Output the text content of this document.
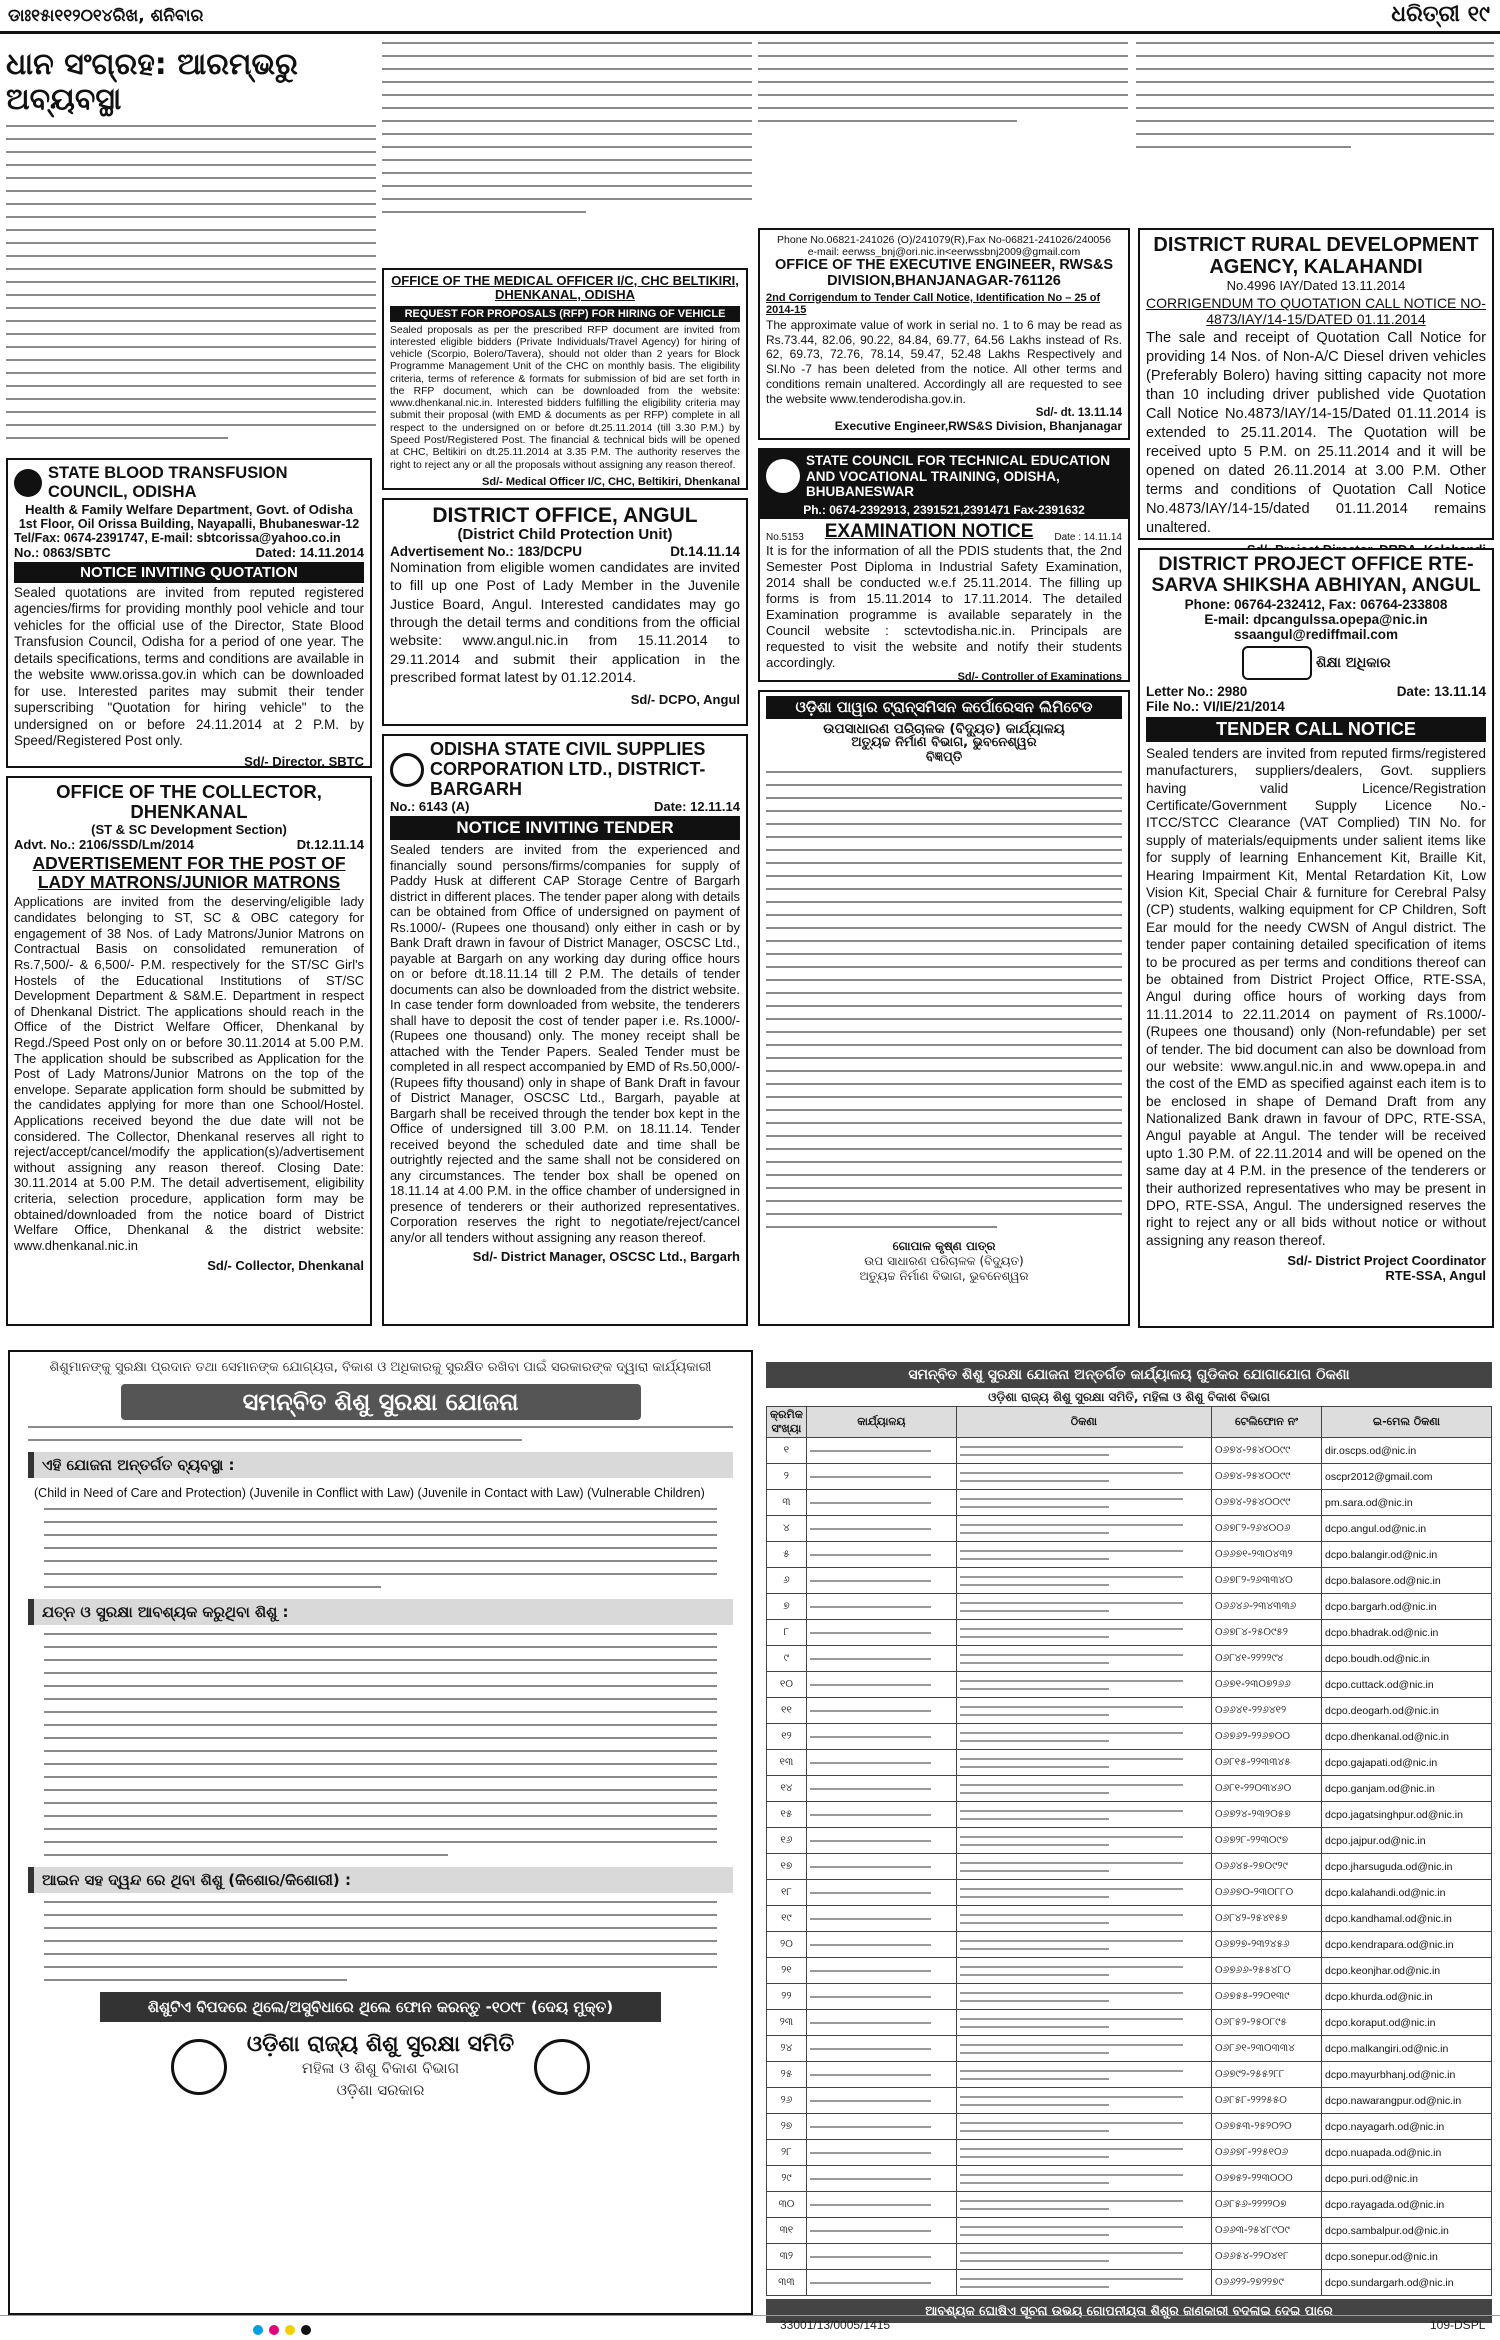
ଡାଃ୧୫ା୧୧୨୦୧୪ରିଖ, ଶନିବାର	ଧରିତ୍ରୀ ୧୯
ଧାନ ସଂଗ୍ରହ: ଆରମ୍ଭରୁ ଅବ୍ୟବସ୍ଥା
OFFICE OF THE MEDICAL OFFICER I/C, CHC BELTIKIRI, DHENKANAL, ODISHA
REQUEST FOR PROPOSALS (RFP) FOR HIRING OF VEHICLE
Sealed proposals as per the prescribed RFP document are invited from interested eligible bidders (Private Individuals/Travel Agency) for hiring of vehicle (Scorpio, Bolero/Tavera), should not older than 2 years for Block Programme Management Unit of the CHC on monthly basis. The eligibility criteria, terms of reference & formats for submission of bid are set forth in the RFP document, which can be downloaded from the website: www.dhenkanal.nic.in. Interested bidders fulfilling the eligibility criteria may submit their proposal (with EMD & documents as per RFP) complete in all respect to the undersigned on or before dt.25.11.2014 (till 3.30 P.M.) by Speed Post/Registered Post. The financial & technical bids will be opened at CHC, Beltikiri on dt.25.11.2014 at 3.35 P.M. The authority reserves the right to reject any or all the proposals without assigning any reason thereof.
Sd/- Medical Officer I/C, CHC, Beltikiri, Dhenkanal
Phone No.06821-241026 (O)/241079(R),Fax No-06821-241026/240056
e-mail: eerwss_bnj@ori.nic.in<eerwssbnj2009@gmail.com
OFFICE OF THE EXECUTIVE ENGINEER, RWS&S DIVISION,BHANJANAGAR-761126
2nd Corrigendum to Tender Call Notice, Identification No – 25 of 2014-15
The approximate value of work in serial no. 1 to 6 may be read as Rs.73.44, 82.06, 90.22, 84.84, 69.77, 64.56 Lakhs instead of Rs. 62, 69.73, 72.76, 78.14, 59.47, 52.48 Lakhs Respectively and Sl.No -7 has been deleted from the notice. All other terms and conditions remain unaltered. Accordingly all are requested to see the website www.tenderodisha.gov.in.
Sd/- dt. 13.11.14
Executive Engineer,RWS&S Division, Bhanjanagar
DISTRICT RURAL DEVELOPMENT AGENCY, KALAHANDI
No.4996 IAY/Dated 13.11.2014
CORRIGENDUM TO QUOTATION CALL NOTICE NO-4873/IAY/14-15/DATED 01.11.2014
The sale and receipt of Quotation Call Notice for providing 14 Nos. of Non-A/C Diesel driven vehicles (Preferably Bolero) having sitting capacity not more than 10 including driver published vide Quotation Call Notice No.4873/IAY/14-15/Dated 01.11.2014 is extended to 25.11.2014. The Quotation will be received upto 5 P.M. on 25.11.2014 and it will be opened on dated 26.11.2014 at 3.00 P.M. Other terms and conditions of Quotation Call Notice No.4873/IAY/14-15/dated 01.11.2014 remains unaltered.
STATE BLOOD TRANSFUSION COUNCIL, ODISHA
Health & Family Welfare Department, Govt. of Odisha
1st Floor, Oil Orissa Building, Nayapalli, Bhubaneswar-12
Tel/Fax: 0674-2391747, E-mail: sbtcorissa@yahoo.co.in
No.: 0863/SBTC	Dated: 14.11.2014
NOTICE INVITING QUOTATION
Sealed quotations are invited from reputed registered agencies/firms for providing monthly pool vehicle and tour vehicles for the official use of the Director, State Blood Transfusion Council, Odisha for a period of one year. The details specifications, terms and conditions are available in the website www.orissa.gov.in which can be downloaded for use. Interested parites may submit their tender superscribing "Quotation for hiring vehicle" to the undersigned on or before 24.11.2014 at 2 P.M. by Speed/Registered Post only.
Sd/- Director, SBTC
DISTRICT OFFICE, ANGUL
(District Child Protection Unit)
Advertisement No.: 183/DCPU	Dt.14.11.14
Nomination from eligible women candidates are invited to fill up one Post of Lady Member in the Juvenile Justice Board, Angul. Interested candidates may go through the detail terms and conditions from the official website: www.angul.nic.in from 15.11.2014 to 29.11.2014 and submit their application in the prescribed format latest by 01.12.2014.
Sd/- DCPO, Angul
STATE COUNCIL FOR TECHNICAL EDUCATION AND VOCATIONAL TRAINING, ODISHA, BHUBANESWAR
Ph.: 0674-2392913, 2391521,2391471 Fax-2391632
No.5153 EXAMINATION NOTICE Date : 14.11.14
It is for the information of all the PDIS students that, the 2nd Semester Post Diploma in Industrial Safety Examination, 2014 shall be conducted w.e.f 25.11.2014. The filling up forms is from 15.11.2014 to 17.11.2014. The detailed Examination programme is available separately in the Council website : sctevtodisha.nic.in. Principals are requested to visit the website and notify their students accordingly.
Sd/- Controller of Examinations
DISTRICT PROJECT OFFICE RTE-SARVA SHIKSHA ABHIYAN, ANGUL
Phone: 06764-232412, Fax: 06764-233808
E-mail: dpcangulssa.opepa@nic.in
ssaangul@rediffmail.com
ଶିକ୍ଷା ଅଧିକାର
Letter No.: 2980	Date: 13.11.14
File No.: VI/IE/21/2014
TENDER CALL NOTICE
Sealed tenders are invited from reputed firms/registered manufacturers, suppliers/dealers, Govt. suppliers having valid Licence/Registration Certificate/Government Supply Licence No.- ITCC/STCC Clearance (VAT Complied) TIN No. for supply of materials/equipments under salient items like for supply of learning Enhancement Kit, Braille Kit, Hearing Impairment Kit, Mental Retardation Kit, Low Vision Kit, Special Chair & furniture for Cerebral Palsy (CP) students, walking equipment for CP Children, Soft Ear mould for the needy CWSN of Angul district. The tender paper containing detailed specification of items to be procured as per terms and conditions thereof can be obtained from District Project Office, RTE-SSA, Angul during office hours of working days from 11.11.2014 to 22.11.2014 on payment of Rs.1000/- (Rupees one thousand) only (Non-refundable) per set of tender. The bid document can also be download from our website: www.angul.nic.in and www.opepa.in and the cost of the EMD as specified against each item is to be enclosed in shape of Demand Draft from any Nationalized Bank drawn in favour of DPC, RTE-SSA, Angul payable at Angul. The tender will be received upto 1.30 P.M. of 22.11.2014 and will be opened on the same day at 4 P.M. in the presence of the tenderers or their authorized representatives who may be present in DPO, RTE-SSA, Angul. The undersigned reserves the right to reject any or all bids without notice or without assigning any reason thereof.
Sd/- District Project Coordinator
RTE-SSA, Angul
OFFICE OF THE COLLECTOR, DHENKANAL
(ST & SC Development Section)
Advt. No.: 2106/SSD/Lm/2014	Dt.12.11.14
ADVERTISEMENT FOR THE POST OF LADY MATRONS/JUNIOR MATRONS
Applications are invited from the deserving/eligible lady candidates belonging to ST, SC & OBC category for engagement of 38 Nos. of Lady Matrons/Junior Matrons on Contractual Basis on consolidated remuneration of Rs.7,500/- & 6,500/- P.M. respectively for the ST/SC Girl's Hostels of the Educational Institutions of ST/SC Development Department & S&M.E. Department in respect of Dhenkanal District. The applications should reach in the Office of the District Welfare Officer, Dhenkanal by Regd./Speed Post only on or before 30.11.2014 at 5.00 P.M. The application should be subscribed as Application for the Post of Lady Matrons/Junior Matrons on the top of the envelope. Separate application form should be submitted by the candidates applying for more than one School/Hostel. Applications received beyond the due date will not be considered. The Collector, Dhenkanal reserves all right to reject/accept/cancel/modify the application(s)/advertisement without assigning any reason thereof. Closing Date: 30.11.2014 at 5.00 P.M. The detail advertisement, eligibility criteria, selection procedure, application form may be obtained/downloaded from the notice board of District Welfare Office, Dhenkanal & the district website: www.dhenkanal.nic.in
Sd/- Collector, Dhenkanal
ODISHA STATE CIVIL SUPPLIES CORPORATION LTD., DISTRICT- BARGARH
No.: 6143 (A)	Date: 12.11.14
NOTICE INVITING TENDER
Sealed tenders are invited from the experienced and financially sound persons/firms/companies for supply of Paddy Husk at different CAP Storage Centre of Bargarh district in different places. The tender paper along with details can be obtained from Office of undersigned on payment of Rs.1000/- (Rupees one thousand) only either in cash or by Bank Draft drawn in favour of District Manager, OSCSC Ltd., payable at Bargarh on any working day during office hours on or before dt.18.11.14 till 2 P.M. The details of tender documents can also be downloaded from the district website. In case tender form downloaded from website, the tenderers shall have to deposit the cost of tender paper i.e. Rs.1000/- (Rupees one thousand) only. The money receipt shall be attached with the Tender Papers. Sealed Tender must be completed in all respect accompanied by EMD of Rs.50,000/- (Rupees fifty thousand) only in shape of Bank Draft in favour of District Manager, OSCSC Ltd., Bargarh, payable at Bargarh shall be received through the tender box kept in the Office of undersigned till 3.00 P.M. on 18.11.14. Tender received beyond the scheduled date and time shall be outrightly rejected and the same shall not be considered on any circumstances. The tender box shall be opened on 18.11.14 at 4.00 P.M. in the office chamber of undersigned in presence of tenderers or their authorized representatives. Corporation reserves the right to negotiate/reject/cancel any/or all tenders without assigning any reason thereof.
Sd/- District Manager, OSCSC Ltd., Bargarh
ଓଡ଼ିଶା ପାୱାର ଟ୍ରାନ୍ସମିସନ କର୍ପୋରେସନ ଲିମିଟେଡ
ଉପସାଧାରଣ ପରିଚାଳକ (ବିଦ୍ୟୁତ) କାର୍ଯ୍ୟାଳୟ
ଅତ୍ୟୁଚ୍ଚ ନିର୍ମାଣ ବିଭାଗ, ଭୁବନେଶ୍ୱର
ବିଜ୍ଞପ୍ତି
ଗୋପାଳ କୃଷ୍ଣ ପାତ୍ର
ଉପ ସାଧାରଣ ପରିଚାଳକ (ବିଦ୍ୟୁତ)
ଅତ୍ୟୁଚ୍ଚ ନିର୍ମାଣ ବିଭାଗ, ଭୁବନେଶ୍ୱର
ଶିଶୁମାନଙ୍କୁ ସୁରକ୍ଷା ପ୍ରଦାନ ତଥା ସେମାନଙ୍କ ଯୋଗ୍ୟତା, ବିକାଶ ଓ ଅଧିକାରକୁ ସୁରକ୍ଷିତ ରଖିବା ପାଇଁ ସରକାରଙ୍କ ଦ୍ୱାରା କାର୍ଯ୍ୟକାରୀ
ସମନ୍ବିତ ଶିଶୁ ସୁରକ୍ଷା ଯୋଜନା
ଏହି ଯୋଜନା ଅନ୍ତର୍ଗତ ବ୍ୟବସ୍ଥା :
(Child in Need of Care and Protection) (Juvenile in Conflict with Law) (Juvenile in Contact with Law) (Vulnerable Children)
ଯତ୍ନ ଓ ସୁରକ୍ଷା ଆବଶ୍ୟକ କରୁଥିବା ଶିଶୁ :
ଆଇନ ସହ ଦ୍ୱନ୍ଦ ରେ ଥିବା ଶିଶୁ (କିଶୋର/କିଶୋରୀ) :
ଶିଶୁଟିଏ ବିପଦରେ ଥିଲେ/ଅସୁବିଧାରେ ଥିଲେ ଫୋନ କରନ୍ତୁ -୧୦୯୮ (ଦେୟ ମୁକ୍ତ)
ଓଡ଼ିଶା ରାଜ୍ୟ ଶିଶୁ ସୁରକ୍ଷା ସମିତି
ମହିଳା ଓ ଶିଶୁ ବିକାଶ ବିଭାଗ
ଓଡ଼ିଶା ସରକାର
ସମନ୍ବିତ ଶିଶୁ ସୁରକ୍ଷା ଯୋଜନା ଅନ୍ତର୍ଗତ କାର୍ଯ୍ୟାଳୟ ଗୁଡିକର ଯୋଗାଯୋଗ ଠିକଣା
ଓଡ଼ିଶା ରାଜ୍ୟ ଶିଶୁ ସୁରକ୍ଷା ସମିତି, ମହିଳା ଓ ଶିଶୁ ବିକାଶ ବିଭାଗ
କ୍ରମିକ ସଂଖ୍ୟା	କାର୍ଯ୍ୟାଳୟ	ଠିକଣା	ଟେଲିଫୋନ ନଂ	ଇ-ମେଲ ଠିକଣା
୧			୦୬୭୪-୨୫୪୦୦୯୯	dir.oscps.od@nic.in
୨			୦୬୭୪-୨୫୪୦୦୯୯	oscpr2012@gmail.com
୩			୦୬୭୪-୨୫୪୦୦୯୯	pm.sara.od@nic.in
୪			୦୬୭୮୨-୨୬୪୦୦୬	dcpo.angul.od@nic.in
୫			୦୬୬୭୧-୨୩୦୪୩୨	dcpo.balangir.od@nic.in
୬			୦୬୭୮୨-୨୬୩୩୪୦	dcpo.balasore.od@nic.in
୭			୦୬୬୪୬-୨୩୪୩୩୬	dcpo.bargarh.od@nic.in
୮			୦୬୭୮୪-୨୫୦୯୫୨	dcpo.bhadrak.od@nic.in
୯			୦୬୮୪୧-୨୨୨୨୯୪	dcpo.boudh.od@nic.in
୧୦			୦୬୭୧-୨୩୦୭୨୬୬	dcpo.cuttack.od@nic.in
୧୧			୦୬୬୪୧-୨୨୬୪୧୨	dcpo.deogarh.od@nic.in
୧୨			୦୬୭୬୨-୨୨୬୭୦୦	dcpo.dhenkanal.od@nic.in
୧୩			୦୬୮୧୫-୨୨୩୩୪୫	dcpo.gajapati.od@nic.in
୧୪			୦୬୮୧-୨୨୦୩୪୬୦	dcpo.ganjam.od@nic.in
୧୫			୦୬୭୨୪-୨୩୨୦୫୭	dcpo.jagatsinghpur.od@nic.in
୧୬			୦୬୭୨୮-୨୨୩୦୯୭	dcpo.jajpur.od@nic.in
୧୭			୦୬୬୪୫-୨୭୦୯୨୯	dcpo.jharsuguda.od@nic.in
୧୮			୦୬୬୭୦-୨୩୦୮୮୦	dcpo.kalahandi.od@nic.in
୧୯			୦୬୮୪୨-୨୫୪୧୫୭	dcpo.kandhamal.od@nic.in
୨୦			୦୬୭୨୭-୨୩୨୪୫୬	dcpo.kendrapara.od@nic.in
୨୧			୦୬୭୬୬-୨୫୫୪୮୦	dcpo.keonjhar.od@nic.in
୨୨			୦୬୭୫୫-୨୨୦୧୩୯	dcpo.khurda.od@nic.in
୨୩			୦୬୮୫୨-୨୫୦୮୯୫	dcpo.koraput.od@nic.in
୨୪			୦୬୮୬୧-୨୩୦୩୩୪	dcpo.malkangiri.od@nic.in
୨୫			୦୬୭୯୨-୨୫୫୨୮୮	dcpo.mayurbhanj.od@nic.in
୨୬			୦୬୮୫୮-୨୨୨୫୫୦	dcpo.nawarangpur.od@nic.in
୨୭			୦୬୭୫୩-୨୫୨୦୨୦	dcpo.nayagarh.od@nic.in
୨୮			୦୬୬୭୮-୨୨୫୧୦୬	dcpo.nuapada.od@nic.in
୨୯			୦୬୭୫୨-୨୨୩୦୦୦	dcpo.puri.od@nic.in
୩୦			୦୬୮୫୬-୨୨୨୨୦୭	dcpo.rayagada.od@nic.in
୩୧			୦୬୬୩-୨୫୪୮୯୦୯	dcpo.sambalpur.od@nic.in
୩୨			୦୬୬୫୪-୨୨୦୪୧୮	dcpo.sonepur.od@nic.in
୩୩			୦୬୬୨୨-୨୭୨୨୭୯	dcpo.sundargarh.od@nic.in
ଆବଶ୍ୟକ ଘୋଷିଏ ସୂଚନା ଉଭୟ ଗୋପନୀୟତା ଶିଶୁର ଜାଣକାରୀ ବଦଳାଇ ଦେଇ ପାରେ
33001/13/0005/1415	109-DSPL
